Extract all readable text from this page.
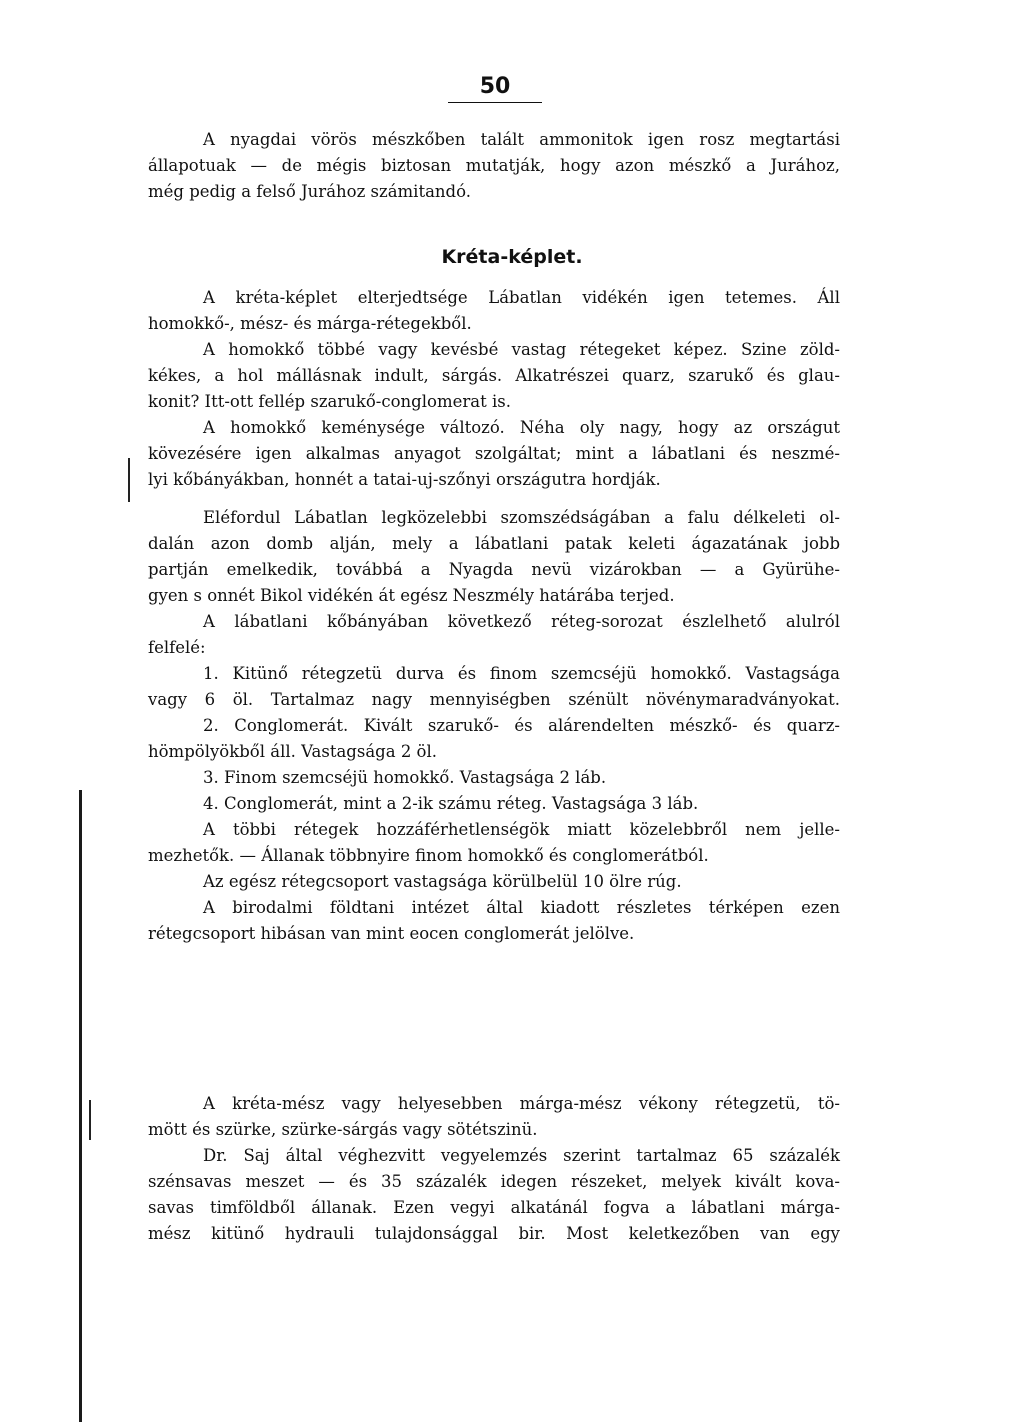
50
A nyagdai vörös mészkőben talált ammonitok igen rosz megtartási
állapotuak — de mégis biztosan mutatják, hogy azon mészkő a Jurához,
még pedig a felső Jurához számitandó.
Kréta-képlet.
A kréta-képlet elterjedtsége Lábatlan vidékén igen tetemes. Áll
homokkő-, mész- és márga-rétegekből.
A homokkő többé vagy kevésbé vastag rétegeket képez. Szine zöld-
kékes, a hol mállásnak indult, sárgás. Alkatrészei quarz, szarukő és glau-
konit? Itt-ott fellép szarukő-conglomerat is.
A homokkő keménysége változó. Néha oly nagy, hogy az országut
kövezésére igen alkalmas anyagot szolgáltat; mint a lábatlani és neszmé-
lyi kőbányákban, honnét a tatai-uj-szőnyi országutra hordják.
Eléfordul Lábatlan legközelebbi szomszédságában a falu délkeleti ol-
dalán azon domb alján, mely a lábatlani patak keleti ágazatának jobb
partján emelkedik, továbbá a Nyagda nevü vizárokban — a Gyürühe-
gyen s onnét Bikol vidékén át egész Neszmély határába terjed.
A lábatlani kőbányában következő réteg-sorozat észlelhető alulról
felfelé:
1. Kitünő rétegzetü durva és finom szemcséjü homokkő. Vastagsága
vagy 6 öl. Tartalmaz nagy mennyiségben szénült növénymaradványokat.
2. Conglomerát. Kivált szarukő- és alárendelten mészkő- és quarz-
hömpölyökből áll. Vastagsága 2 öl.
3. Finom szemcséjü homokkő. Vastagsága 2 láb.
4. Conglomerát, mint a 2-ik számu réteg. Vastagsága 3 láb.
A többi rétegek hozzáférhetlenségök miatt közelebbről nem jelle-
mezhetők. — Állanak többnyire finom homokkő és conglomerátból.
Az egész rétegcsoport vastagsága körülbelül 10 ölre rúg.
A birodalmi földtani intézet által kiadott részletes térképen ezen
rétegcsoport hibásan van mint eocen conglomerát jelölve.
A kréta-mész vagy helyesebben márga-mész vékony rétegzetü, tö-
mött és szürke, szürke-sárgás vagy sötétszinü.
Dr. Saj által véghezvitt vegyelemzés szerint tartalmaz 65 százalék
szénsavas meszet — és 35 százalék idegen részeket, melyek kivált kova-
savas timföldből állanak. Ezen vegyi alkatánál fogva a lábatlani márga-
mész kitünő hydrauli tulajdonsággal bir. Most keletkezőben van egy
